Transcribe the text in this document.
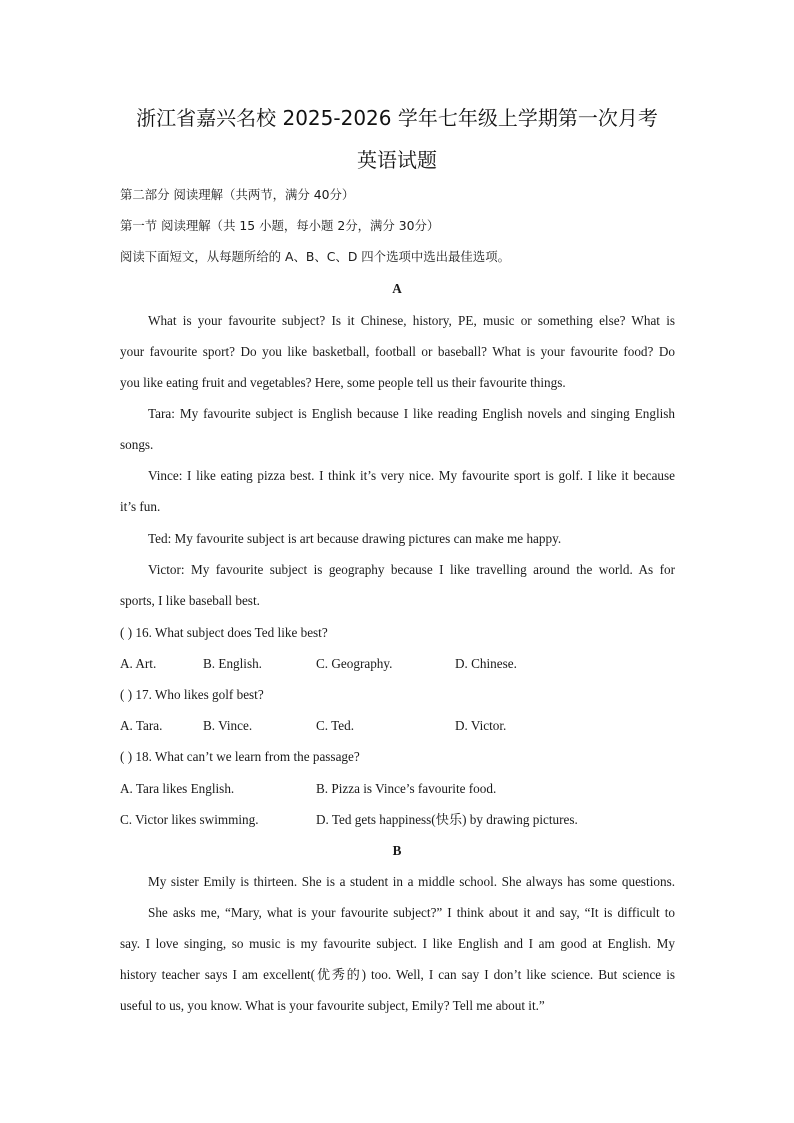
浙江省嘉兴名校 2025-2026 学年七年级上学期第一次月考
英语试题
第二部分 阅读理解（共两节，满分 40分）
第一节 阅读理解（共 15 小题，每小题 2分，满分 30分）
阅读下面短文，从每题所给的 A、B、C、D 四个选项中选出最佳选项。
A
What is your favourite subject? Is it Chinese, history, PE, music or something else? What is
your favourite sport? Do you like basketball, football or baseball? What is your favourite food? Do
you like eating fruit and vegetables? Here, some people tell us their favourite things.
Tara: My favourite subject is English because I like reading English novels and singing English
songs.
Vince: I like eating pizza best. I think it’s very nice. My favourite sport is golf. I like it because
it’s fun.
Ted: My favourite subject is art because drawing pictures can make me happy.
Victor: My favourite subject is geography because I like travelling around the world. As for
sports, I like baseball best.
( ) 16. What subject does Ted like best?
A. Art.	B. English.	C. Geography.	D. Chinese.
( ) 17. Who likes golf best?
A. Tara.	B. Vince.	C. Ted.	D. Victor.
( ) 18. What can’t we learn from the passage?
A. Tara likes English.	B. Pizza is Vince’s favourite food.
C. Victor likes swimming.	D. Ted gets happiness(快乐) by drawing pictures.
B
My sister Emily is thirteen. She is a student in a middle school. She always has some questions.
She asks me, “Mary, what is your favourite subject?” I think about it and say, “It is difficult to
say. I love singing, so music is my favourite subject. I like English and I am good at English. My
history teacher says I am excellent(优秀的) too. Well, I can say I don’t like science. But science is
useful to us, you know. What is your favourite subject, Emily? Tell me about it.”
